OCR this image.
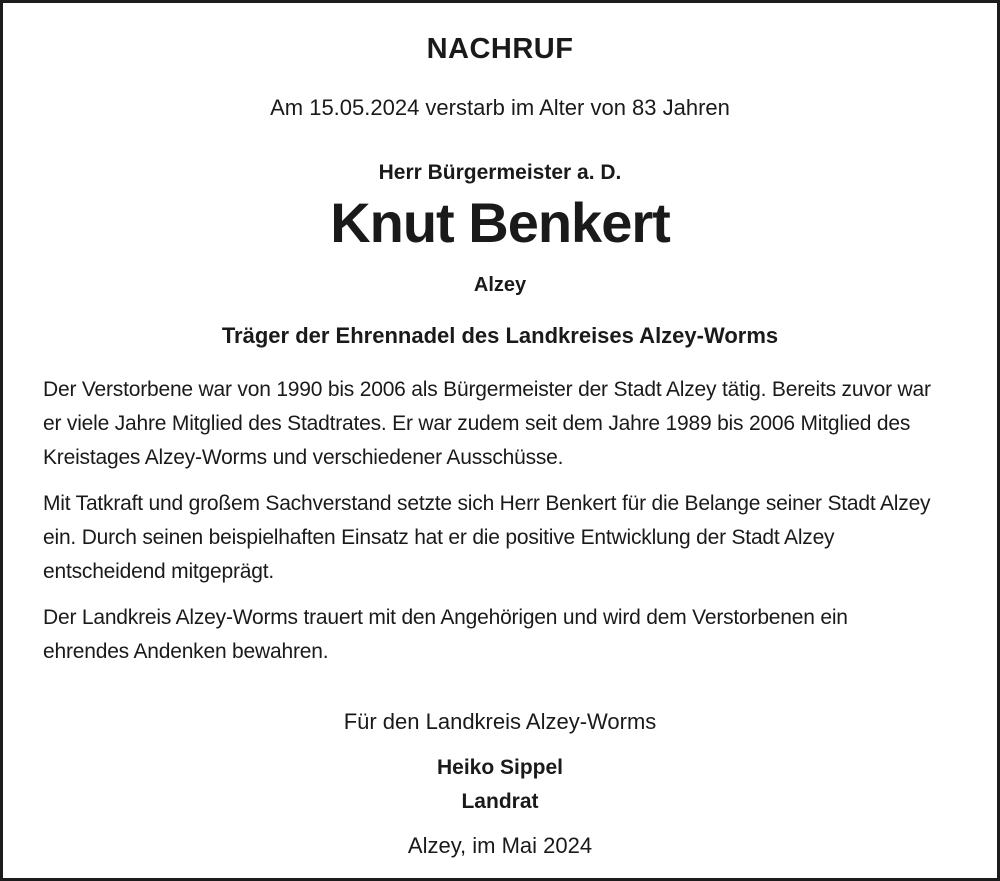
NACHRUF
Am 15.05.2024 verstarb im Alter von 83 Jahren
Herr Bürgermeister a. D.
Knut Benkert
Alzey
Träger der Ehrennadel des Landkreises Alzey-Worms

Der Verstorbene war von 1990 bis 2006 als Bürgermeister der Stadt Alzey tätig. Bereits zuvor war er viele Jahre Mitglied des Stadtrates. Er war zudem seit dem Jahre 1989 bis 2006 Mitglied des Kreistages Alzey-Worms und verschiedener Ausschüsse.

Mit Tatkraft und großem Sachverstand setzte sich Herr Benkert für die Belange seiner Stadt Alzey ein. Durch seinen beispielhaften Einsatz hat er die positive Entwicklung der Stadt Alzey entscheidend mitgeprägt.

Der Landkreis Alzey-Worms trauert mit den Angehörigen und wird dem Verstorbenen ein ehrendes Andenken bewahren.

Für den Landkreis Alzey-Worms
Heiko Sippel
Landrat
Alzey, im Mai 2024
